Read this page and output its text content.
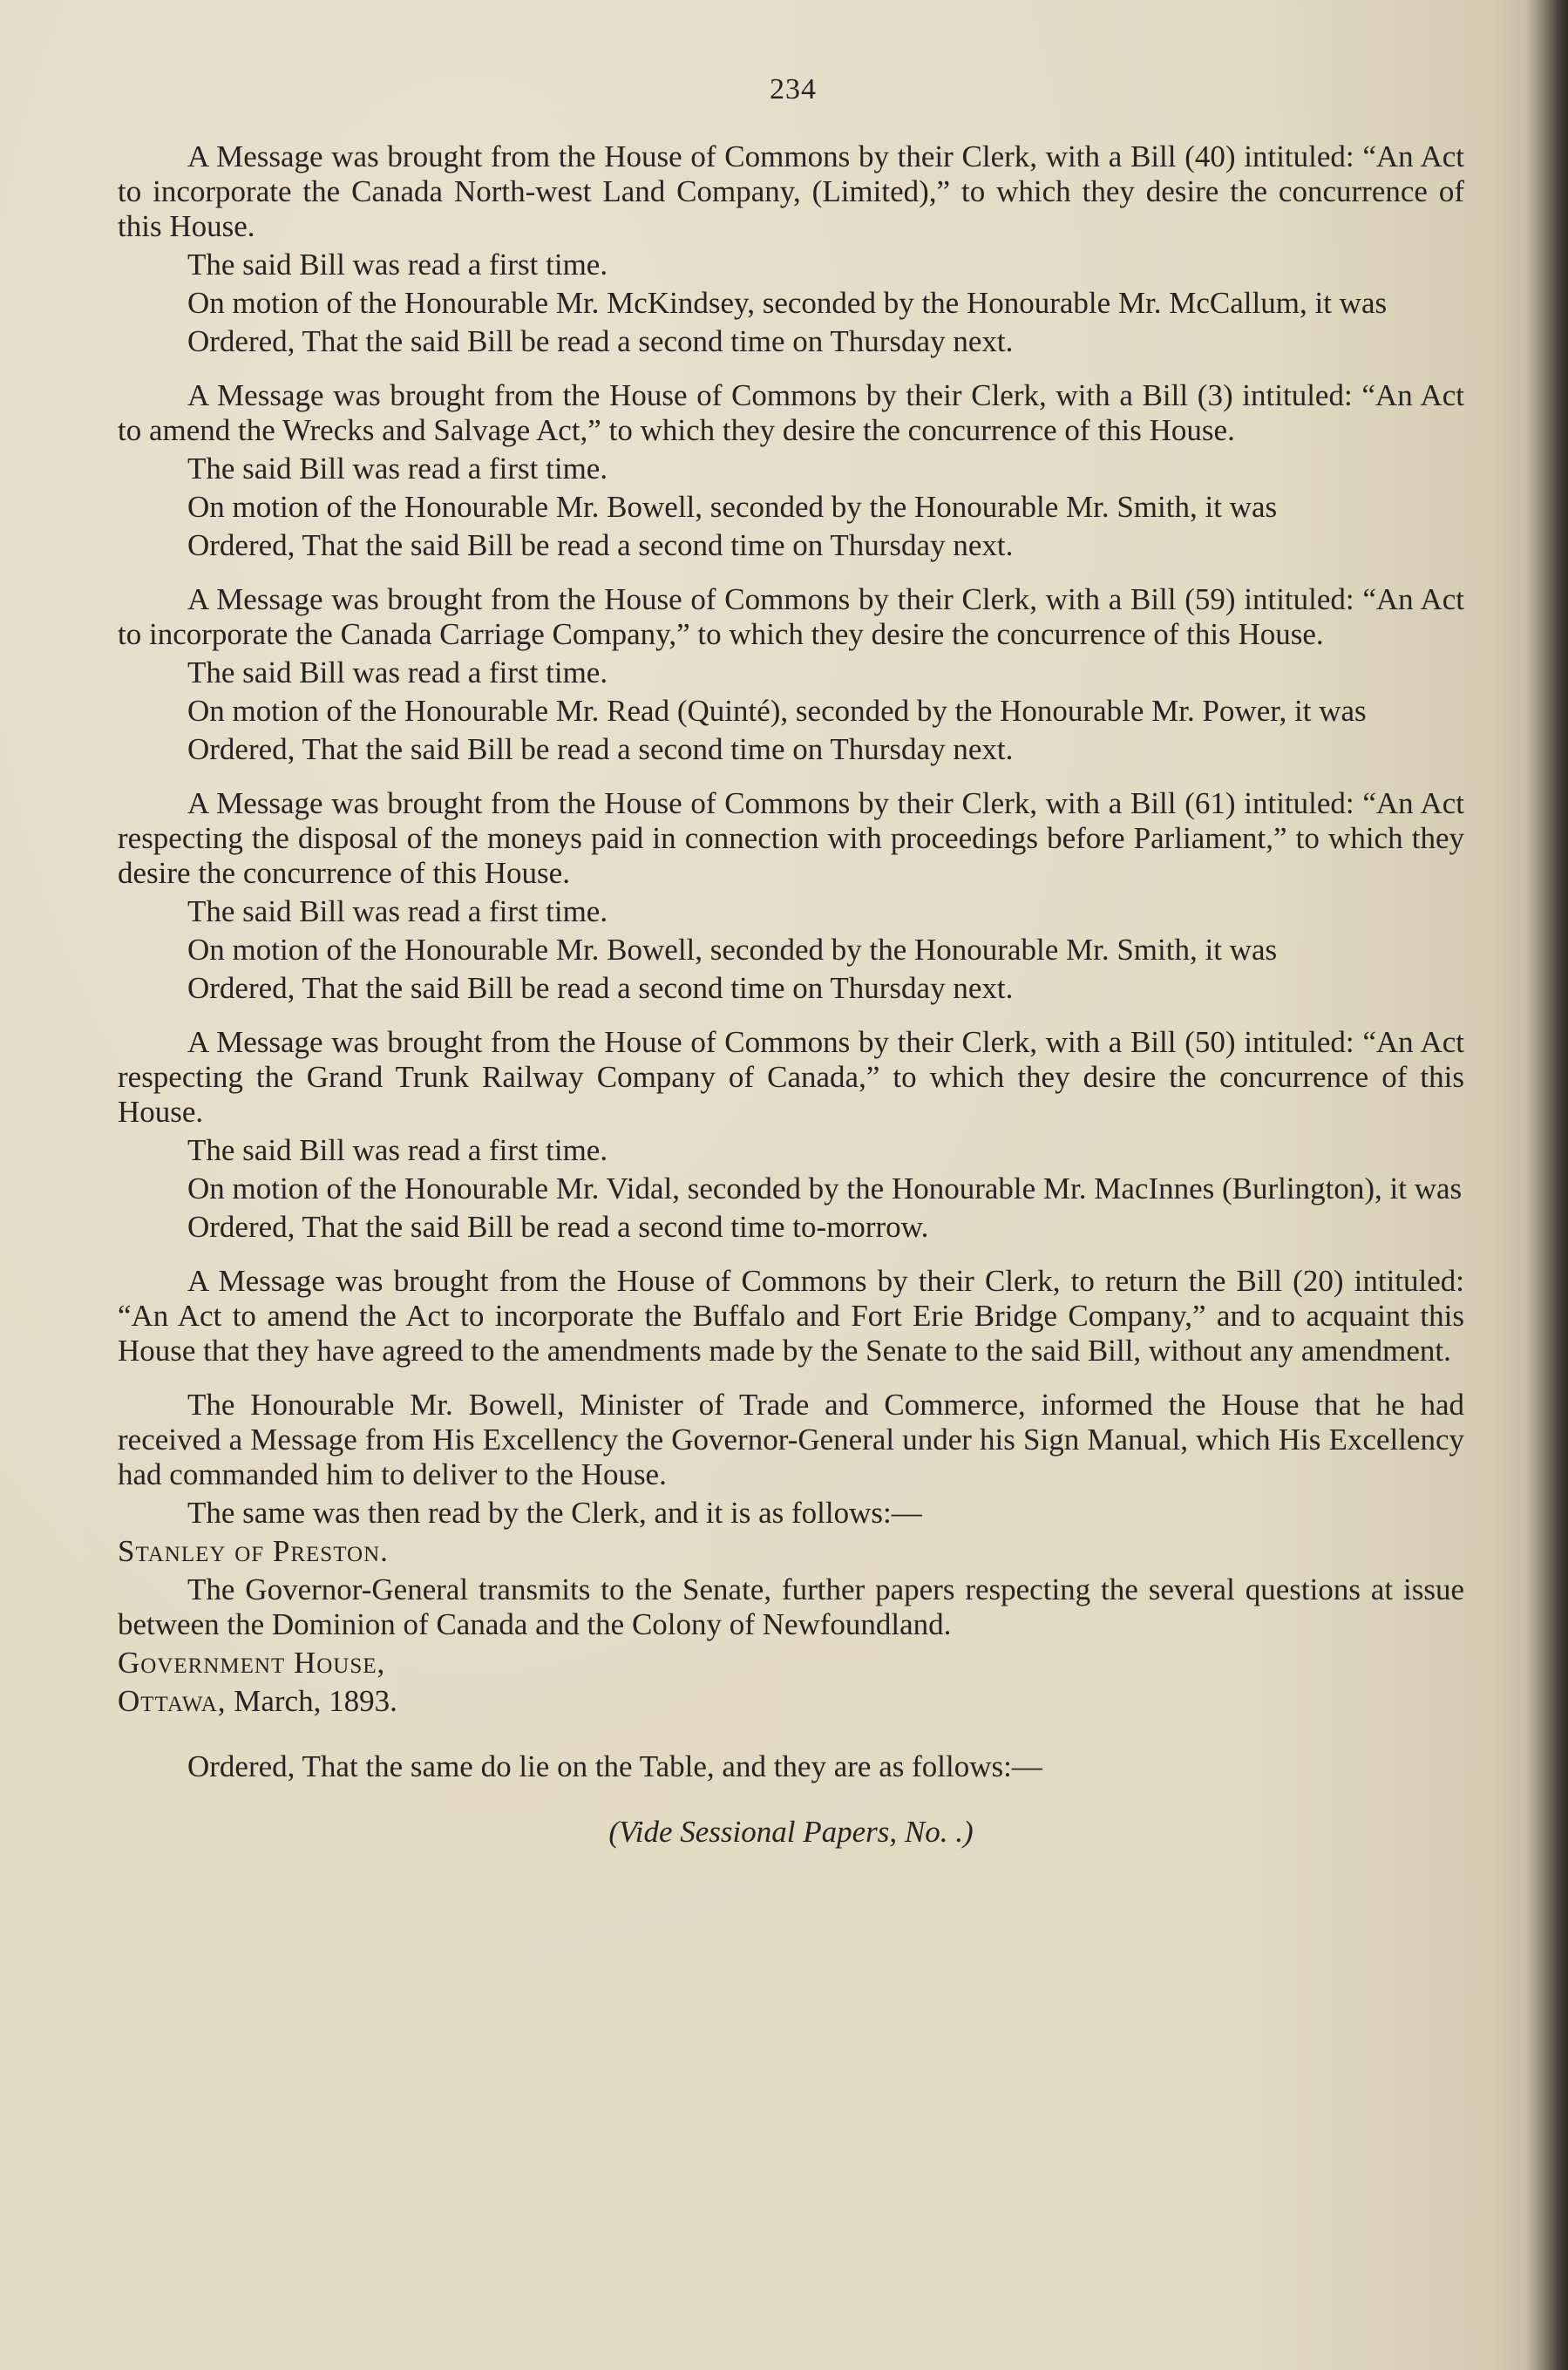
234

A Message was brought from the House of Commons by their Clerk, with a Bill (40) intituled: “An Act to incorporate the Canada North-west Land Company, (Limited),” to which they desire the concurrence of this House.

The said Bill was read a first time.

On motion of the Honourable Mr. McKindsey, seconded by the Honourable Mr. McCallum, it was

Ordered, That the said Bill be read a second time on Thursday next.

A Message was brought from the House of Commons by their Clerk, with a Bill (3) intituled: “An Act to amend the Wrecks and Salvage Act,” to which they desire the concurrence of this House.

The said Bill was read a first time.

On motion of the Honourable Mr. Bowell, seconded by the Honourable Mr. Smith, it was

Ordered, That the said Bill be read a second time on Thursday next.

A Message was brought from the House of Commons by their Clerk, with a Bill (59) intituled: “An Act to incorporate the Canada Carriage Company,” to which they desire the concurrence of this House.

The said Bill was read a first time.

On motion of the Honourable Mr. Read (Quinté), seconded by the Honourable Mr. Power, it was

Ordered, That the said Bill be read a second time on Thursday next.

A Message was brought from the House of Commons by their Clerk, with a Bill (61) intituled: “An Act respecting the disposal of the moneys paid in connection with proceedings before Parliament,” to which they desire the concurrence of this House.

The said Bill was read a first time.

On motion of the Honourable Mr. Bowell, seconded by the Honourable Mr. Smith, it was

Ordered, That the said Bill be read a second time on Thursday next.

A Message was brought from the House of Commons by their Clerk, with a Bill (50) intituled: “An Act respecting the Grand Trunk Railway Company of Canada,” to which they desire the concurrence of this House.

The said Bill was read a first time.

On motion of the Honourable Mr. Vidal, seconded by the Honourable Mr. MacInnes (Burlington), it was

Ordered, That the said Bill be read a second time to-morrow.

A Message was brought from the House of Commons by their Clerk, to return the Bill (20) intituled: “An Act to amend the Act to incorporate the Buffalo and Fort Erie Bridge Company,” and to acquaint this House that they have agreed to the amendments made by the Senate to the said Bill, without any amendment.

The Honourable Mr. Bowell, Minister of Trade and Commerce, informed the House that he had received a Message from His Excellency the Governor-General under his Sign Manual, which His Excellency had commanded him to deliver to the House.

The same was then read by the Clerk, and it is as follows:—

Stanley of Preston.

The Governor-General transmits to the Senate, further papers respecting the several questions at issue between the Dominion of Canada and the Colony of Newfoundland.

Government House,

Ottawa, March, 1893.

Ordered, That the same do lie on the Table, and they are as follows:—

(Vide Sessional Papers, No. .)
